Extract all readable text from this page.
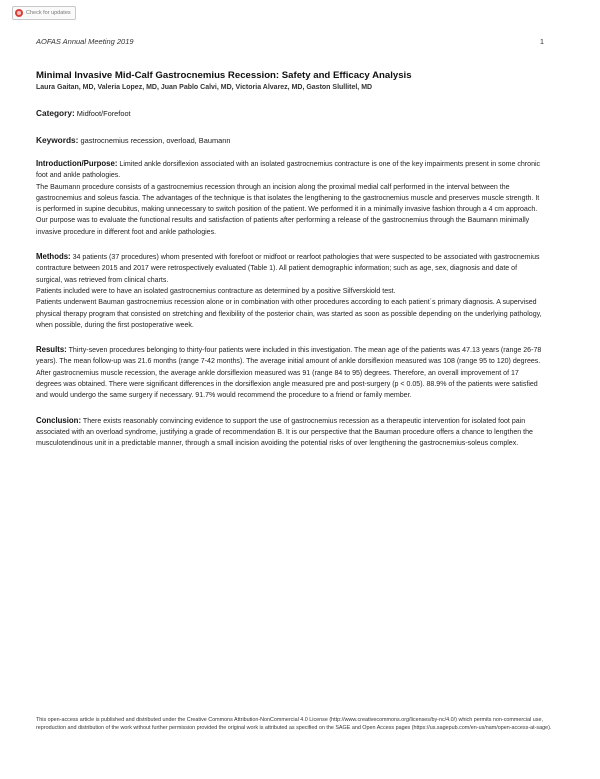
Check for updates
AOFAS Annual Meeting 2019	1

Minimal Invasive Mid-Calf Gastrocnemius Recession: Safety and Efficacy Analysis

Laura Gaitan, MD, Valeria Lopez, MD, Juan Pablo Calvi, MD, Victoria Alvarez, MD, Gaston Slullitel, MD

Category: Midfoot/Forefoot

Keywords: gastrocnemius recession, overload, Baumann

Introduction/Purpose: Limited ankle dorsiflexion associated with an isolated gastrocnemius contracture is one of the key impairments present in some chronic foot and ankle pathologies.

The Baumann procedure consists of a gastrocnemius recession through an incision along the proximal medial calf performed in the interval between the gastrocnemius and soleus fascia. The advantages of the technique is that isolates the lengthening to the gastrocnemius muscle and preserves muscle strength. It is performed in supine decubitus, making unnecessary to switch position of the patient. We performed it in a minimally invasive fashion through a 4 cm approach.

Our purpose was to evaluate the functional results and satisfaction of patients after performing a release of the gastrocnemius through the Baumann minimally invasive procedure in different foot and ankle pathologies.

Methods: 34 patients (37 procedures) whom presented with forefoot or midfoot or rearfoot pathologies that were suspected to be associated with gastrocnemius contracture between 2015 and 2017 were retrospectively evaluated (Table 1). All patient demographic information; such as age, sex, diagnosis and date of surgical, was retrieved from clinical charts.

Patients included were to have an isolated gastrocnemius contracture as determined by a positive Silfverskiold test.

Patients underwent Bauman gastrocnemius recession alone or in combination with other procedures according to each patient´s primary diagnosis. A supervised physical therapy program that consisted on stretching and flexibility of the posterior chain, was started as soon as possible depending on the underlying pathology, when possible, during the first postoperative week.

Results: Thirty-seven procedures belonging to thirty-four patients were included in this investigation. The mean age of the patients was 47.13 years (range 26-78 years). The mean follow-up was 21.6 months (range 7-42 months). The average initial amount of ankle dorsiflexion measured was 108 (range 95 to 120) degrees. After gastrocnemius muscle recession, the average ankle dorsiflexion measured was 91 (range 84 to 95) degrees. Therefore, an overall improvement of 17 degrees was obtained. There were significant differences in the dorsiflexion angle measured pre and post-surgery (p < 0.05). 88.9% of the patients were satisfied and would undergo the same surgery if necessary. 91.7% would recommend the procedure to a friend or family member.

Conclusion: There exists reasonably convincing evidence to support the use of gastrocnemius recession as a therapeutic intervention for isolated foot pain associated with an overload syndrome, justifying a grade of recommendation B. It is our perspective that the Bauman procedure offers a chance to lengthen the musculotendinous unit in a predictable manner, through a small incision avoiding the potential risks of over lengthening the gastrocnemius-soleus complex.

This open-access article is published and distributed under the Creative Commons Attribution-NonCommercial 4.0 License (http://www.creativecommons.org/licenses/by-nc/4.0/) which permits non-commercial use, reproduction and distribution of the work without further permission provided the original work is attributed as specified on the SAGE and Open Access pages (https://us.sagepub.com/en-us/nam/open-access-at-sage).
